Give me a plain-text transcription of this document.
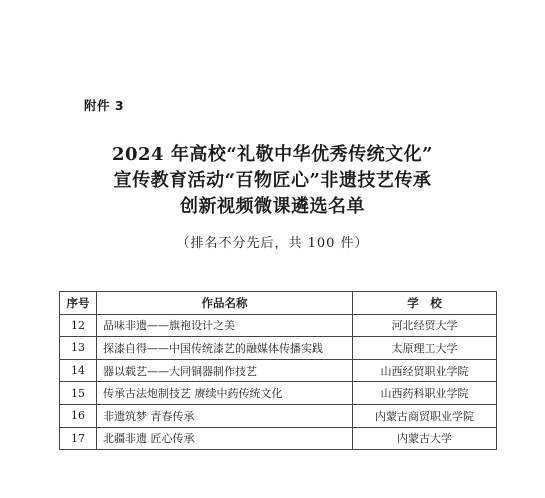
附件 3
2024 年高校“礼敬中华优秀传统文化”
宣传教育活动“百物匠心”非遗技艺传承
创新视频微课遴选名单
（排名不分先后，共 100 件）
序号	作品名称	学　校
12	品味非遗——旗袍设计之美	河北经贸大学
13	探漆自得——中国传统漆艺的融媒体传播实践	太原理工大学
14	器以载艺——大同铜器制作技艺	山西经贸职业学院
15	传承古法炮制技艺 赓续中药传统文化	山西药科职业学院
16	非遗筑梦 青春传承	内蒙古商贸职业学院
17	北疆非遗 匠心传承	内蒙古大学
